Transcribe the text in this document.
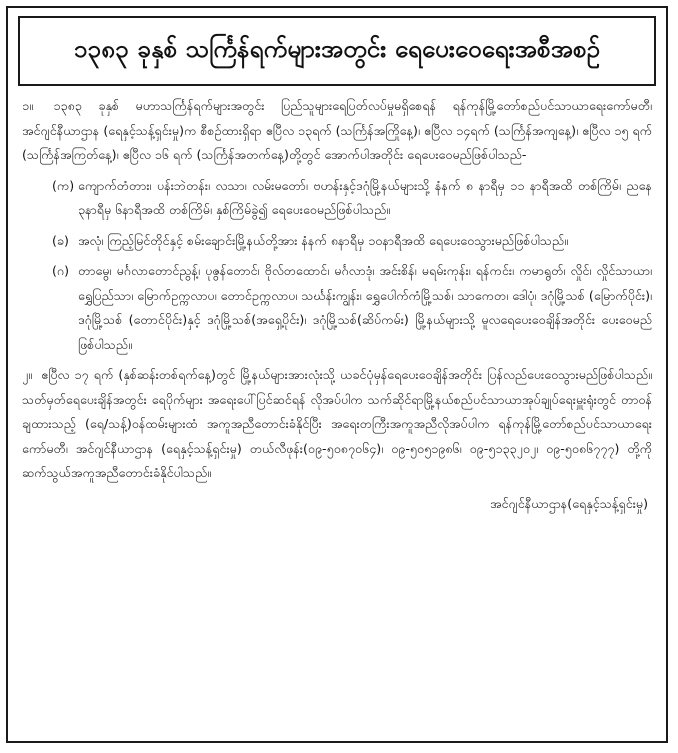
၁၃၈၃ ခုနှစ် သင်္ကြန်ရက်များအတွင်း ရေပေးဝေရေးအစီအစဉ်

၁။ ၁၃၈၃ ခုနှစ် မဟာသင်္ကြန်ရက်များအတွင်း ပြည်သူများရေပြတ်လပ်မှုမရှိစေရန် ရန်ကုန်မြို့တော်စည်ပင်သာယာရေးကော်မတီ၊ အင်ဂျင်နီယာဌာန (ရေနှင့်သန့်ရှင်းမှု)က စီစဉ်ထားရှိရာ ဧပြီလ ၁၃ရက် (သင်္ကြန်အကြိုနေ့)၊ ဧပြီလ ၁၄ရက် (သင်္ကြန်အကျနေ့)၊ ဧပြီလ ၁၅ ရက် (သင်္ကြန်အကြတ်နေ့)၊ ဧပြီလ ၁၆ ရက် (သင်္ကြန်အတက်နေ့)တို့တွင် အောက်ပါအတိုင်း ရေပေးဝေမည်ဖြစ်ပါသည်-

(က) ကျောက်တံတား၊ ပန်းဘဲတန်း၊ လသာ၊ လမ်းမတော်၊ ဗဟန်းနှင့်ဒဂုံမြို့နယ်များသို့ နံနက် ၈ နာရီမှ ၁၁ နာရီအထိ တစ်ကြိမ်၊ ညနေ ၃နာရီမှ ၆နာရီအထိ တစ်ကြိမ်၊ နှစ်ကြိမ်ခွဲ၍ ရေပေးဝေမည်ဖြစ်ပါသည်။
(ခ) အလုံ၊ ကြည့်မြင်တိုင်နှင့် စမ်းချောင်းမြို့နယ်တို့အား နံနက် ၈နာရီမှ ၁၀နာရီအထိ ရေပေးဝေသွားမည်ဖြစ်ပါသည်။
(ဂ) တာမွေ၊ မင်္ဂလာတောင်ညွန့်၊ ပုဇွန်တောင်၊ ဗိုလ်တထောင်၊ မင်္ဂလာဒုံ၊ အင်းစိန်၊ မရမ်းကုန်း၊ ရန်ကင်း၊ ကမာရွတ်၊ လှိုင်၊ လှိုင်သာယာ၊ ရွှေပြည်သာ၊ မြောက်ဥက္ကလာပ၊ တောင်ဥက္ကလာပ၊ သင်္ဃန်းကျွန်း၊ ရွှေပေါက်ကံမြို့သစ်၊ သာကေတ၊ ဒေါပုံ၊ ဒဂုံမြို့သစ် (မြောက်ပိုင်း)၊ ဒဂုံမြို့သစ် (တောင်ပိုင်း)နှင့် ဒဂုံမြို့သစ်(အရှေ့ပိုင်း)၊ ဒဂုံမြို့သစ်(ဆိပ်ကမ်း) မြို့နယ်များသို့ မူလရေပေးဝေချိန်အတိုင်း ပေးဝေမည်ဖြစ်ပါသည်။

၂။ ဧပြီလ ၁၇ ရက် (နှစ်ဆန်းတစ်ရက်နေ့)တွင် မြို့နယ်များအားလုံးသို့ ယခင်ပုံမှန်ရေပေးဝေချိန်အတိုင်း ပြန်လည်ပေးဝေသွားမည်ဖြစ်ပါသည်။ သတ်မှတ်ရေပေးချိန်အတွင်း ရေပိုက်များ အရေးပေါ်ပြင်ဆင်ရန် လိုအပ်ပါက သက်ဆိုင်ရာမြို့နယ်စည်ပင်သာယာအုပ်ချုပ်ရေးမှူးရုံးတွင် တာဝန်ချထားသည့် (ရေ/သန့်)ဝန်ထမ်းများထံ အကူအညီတောင်းခံနိုင်ပြီး အရေးတကြီးအကူအညီလိုအပ်ပါက ရန်ကုန်မြို့တော်စည်ပင်သာယာရေးကော်မတီ၊ အင်ဂျင်နီယာဌာန (ရေနှင့်သန့်ရှင်းမှု) တယ်လီဖုန်း(၀၉-၅၀၈၇၀၆၄)၊ ၀၉-၅၀၅၁၉၈၆၊ ၀၉-၅၁၃၃၂၀၂၊ ၀၉-၅၀၈၆၇၇၇) တို့ကို ဆက်သွယ်အကူအညီတောင်းခံနိုင်ပါသည်။

အင်ဂျင်နီယာဌာန(ရေနှင့်သန့်ရှင်းမှု)
